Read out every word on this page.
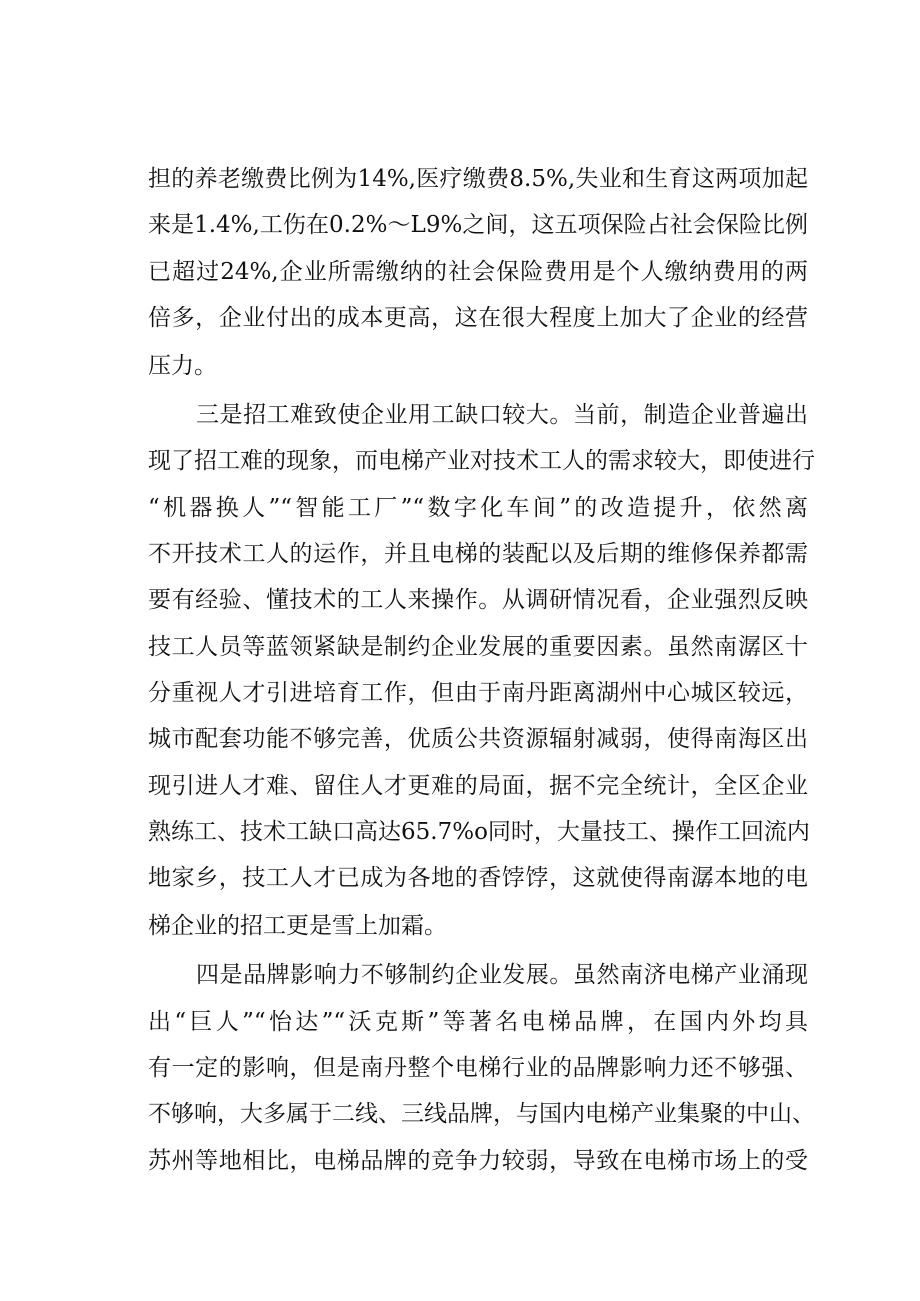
担的养老缴费比例为14%,医疗缴费8.5%,失业和生育这两项加起
来是1.4%,工伤在0.2%～L9%之间，这五项保险占社会保险比例
已超过24%,企业所需缴纳的社会保险费用是个人缴纳费用的两
倍多，企业付出的成本更高，这在很大程度上加大了企业的经营
压力。
三是招工难致使企业用工缺口较大。当前，制造企业普遍出
现了招工难的现象，而电梯产业对技术工人的需求较大，即使进行
“机器换人”“智能工厂”“数字化车间”的改造提升，依然离
不开技术工人的运作，并且电梯的装配以及后期的维修保养都需
要有经验、懂技术的工人来操作。从调研情况看，企业强烈反映
技工人员等蓝领紧缺是制约企业发展的重要因素。虽然南潺区十
分重视人才引进培育工作，但由于南丹距离湖州中心城区较远，
城市配套功能不够完善，优质公共资源辐射减弱，使得南海区出
现引进人才难、留住人才更难的局面，据不完全统计，全区企业
熟练工、技术工缺口高达65.7%o同时，大量技工、操作工回流内
地家乡，技工人才已成为各地的香饽饽，这就使得南潺本地的电
梯企业的招工更是雪上加霜。
四是品牌影响力不够制约企业发展。虽然南济电梯产业涌现
出“巨人”“怡达”“沃克斯”等著名电梯品牌，在国内外均具
有一定的影响，但是南丹整个电梯行业的品牌影响力还不够强、
不够响，大多属于二线、三线品牌，与国内电梯产业集聚的中山、
苏州等地相比，电梯品牌的竞争力较弱，导致在电梯市场上的受
